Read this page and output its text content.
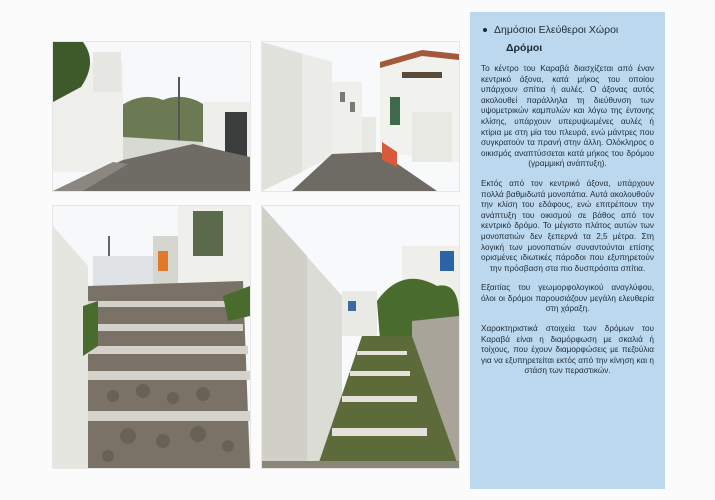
Δημόσιοι Ελεύθεροι Χώροι
Δρόμοι

Το κέντρο του Καραβά διασχίζεται από έναν κεντρικό άξονα, κατά μήκος του οποίου υπάρχουν σπίτια ή αυλές. Ο άξονας αυτός ακολουθεί παράλληλα τη διεύθυνση των υψομετρικών καμπυλών και λόγω της έντονης κλίσης, υπάρχουν υπερυψωμένες αυλές ή κτίρια με στη μία του πλευρά, ενώ μάντρες που συγκρατούν τα πρανή στην άλλη. Ολόκληρος ο οικισμός αναπτύσσεται κατά μήκος του δρόμου (γραμμική ανάπτυξη).

Εκτός από τον κεντρικό άξονα, υπάρχουν πολλά βαθμιδωτά μονοπάτια. Αυτά ακολουθούν την κλίση του εδάφους, ενώ επιτρέπουν την ανάπτυξη του οικισμού σε βάθος από τον κεντρικό δρόμο. Το μέγιστο πλάτος αυτών των μονοπατιών δεν ξεπερνά τα 2,5 μέτρα. Στη λογική των μονοπατιών συναντούνται επίσης ορισμένες ιδιωτικές πάροδοι που εξυπηρετούν την πρόσβαση στα πιο δυσπρόσιτα σπίτια.

Εξαιτίας του γεωμορφολογικού αναγλύφου, όλοι οι δρόμοι παρουσιάζουν μεγάλη ελευθερία στη χάραξη.

Χαρακτηριστικά στοιχεία των δρόμων του Καραβά είναι η διαμόρφωση με σκαλιά ή τοίχους, που έχουν διαμορφώσεις με πεζούλια για να εξυπηρετείται εκτός από την κίνηση και η στάση των περαστικών.
